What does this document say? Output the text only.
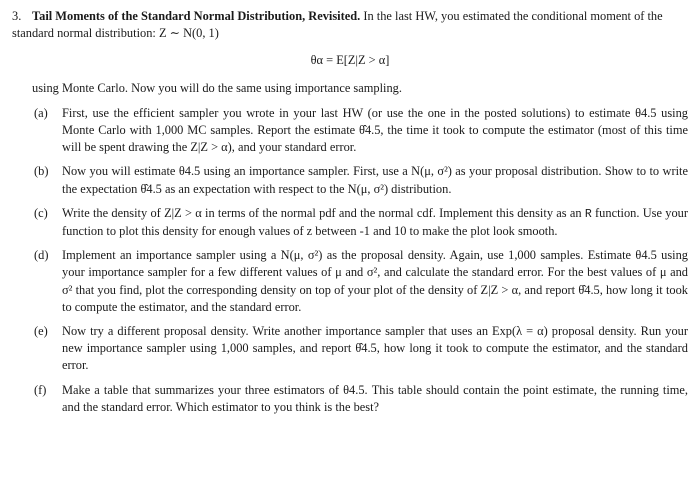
3. Tail Moments of the Standard Normal Distribution, Revisited. In the last HW, you estimated the conditional moment of the standard normal distribution: Z ∼ N(0, 1)

θα = E[Z|Z > α]

using Monte Carlo. Now you will do the same using importance sampling.

(a)	First, use the efficient sampler you wrote in your last HW (or use the one in the posted solutions) to estimate θ4.5 using Monte Carlo with 1,000 MC samples. Report the estimate θ̂4.5, the time it took to compute the estimator (most of this time will be spent drawing the Z|Z > α), and your standard error.
(b)	Now you will estimate θ4.5 using an importance sampler. First, use a N(μ, σ²) as your proposal distribution. Show to to write the expectation θ̂4.5 as an expectation with respect to the N(μ, σ²) distribution.
(c)	Write the density of Z|Z > α in terms of the normal pdf and the normal cdf. Implement this density as an R function. Use your function to plot this density for enough values of z between -1 and 10 to make the plot look smooth.
(d)	Implement an importance sampler using a N(μ, σ²) as the proposal density. Again, use 1,000 samples. Estimate θ4.5 using your importance sampler for a few different values of μ and σ², and calculate the standard error. For the best values of μ and σ² that you find, plot the corresponding density on top of your plot of the density of Z|Z > α, and report θ̂4.5, how long it took to compute the estimator, and the standard error.
(e)	Now try a different proposal density. Write another importance sampler that uses an Exp(λ = α) proposal density. Run your new importance sampler using 1,000 samples, and report θ̂4.5, how long it took to compute the estimator, and the standard error.
(f)	Make a table that summarizes your three estimators of θ4.5. This table should contain the point estimate, the running time, and the standard error. Which estimator to you think is the best?
